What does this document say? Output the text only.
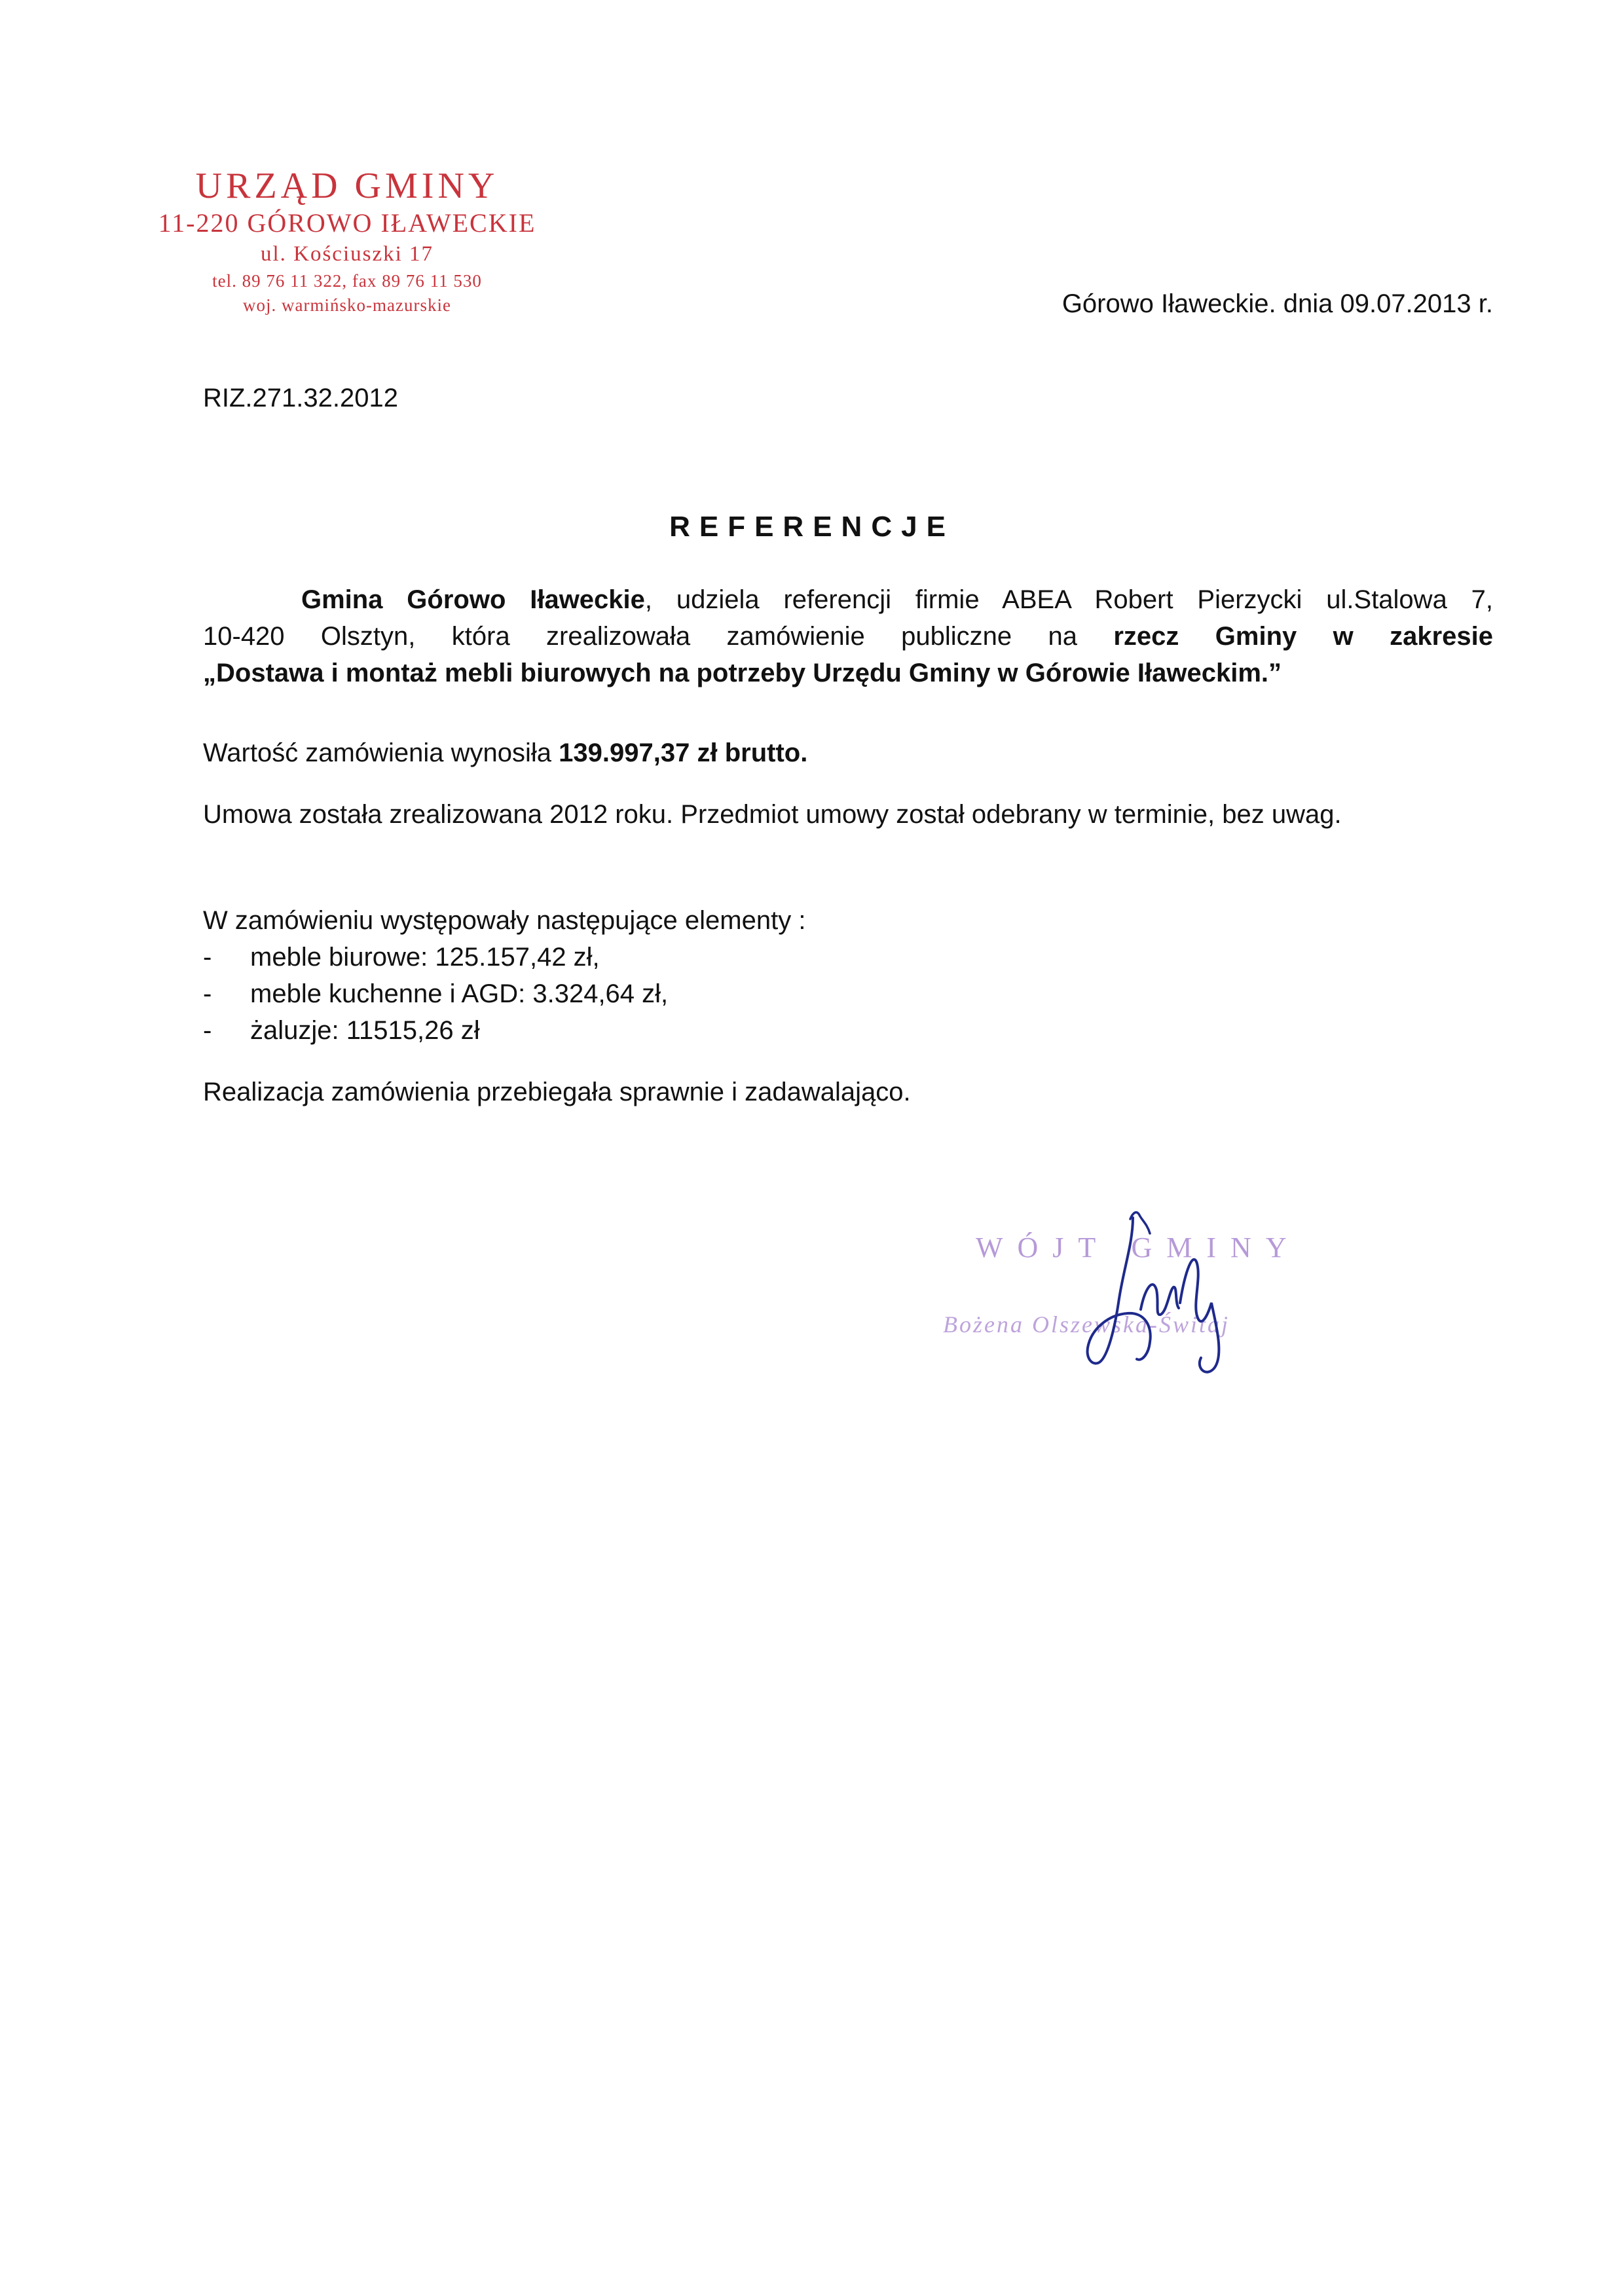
URZĄD GMINY
11-220 GÓROWO IŁAWECKIE
ul. Kościuszki 17
tel. 89 76 11 322, fax 89 76 11 530
woj. warmińsko-mazurskie	Górowo Iławeckie. dnia 09.07.2013 r.
RIZ.271.32.2012
REFERENCJE
Gmina Górowo Iławeckie, udziela referencji firmie ABEA Robert Pierzycki ul.Stalowa 7,
10-420 Olsztyn, która zrealizowała zamówienie publiczne na rzecz Gminy w zakresie
„Dostawa i montaż mebli biurowych na potrzeby Urzędu Gminy w Górowie Iławeckim.”
Wartość zamówienia wynosiła 139.997,37 zł brutto.
Umowa została zrealizowana 2012 roku. Przedmiot umowy został odebrany w terminie, bez uwag.
W zamówieniu występowały następujące elementy :
- meble biurowe: 125.157,42 zł,
- meble kuchenne i AGD: 3.324,64 zł,
- żaluzje: 11515,26 zł
Realizacja zamówienia przebiegała sprawnie i zadawalająco.
WÓJT GMINY
Bożena Olszewska-Świtaj
